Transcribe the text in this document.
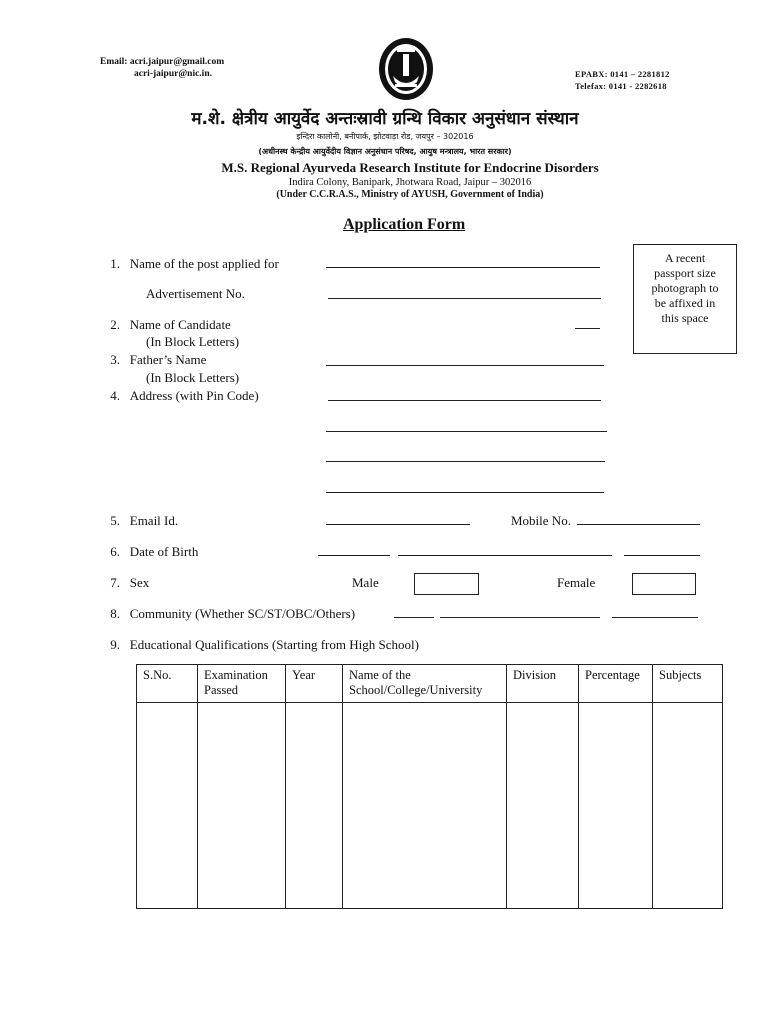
Email: acri.jaipur@gmail.com
acri-jaipur@nic.in.	EPABX: 0141 – 2281812
Telefax: 0141 - 2282618
म.शे. क्षेत्रीय आयुर्वेद अन्तःस्रावी ग्रन्थि विकार अनुसंधान संस्थान
इन्दिरा कालोनी, बनीपार्क, झोटवाड़ा रोड, जयपुर – 302016
(अधीनस्थ केन्द्रीय आयुर्वेदीय विज्ञान अनुसंधान परिषद, आयुष मन्त्रालय, भारत सरकार)
M.S. Regional Ayurveda Research Institute for Endocrine Disorders
Indira Colony, Banipark, Jhotwara Road, Jaipur – 302016
(Under C.C.R.A.S., Ministry of AYUSH, Government of India)
Application Form
A recent
passport size
photograph to
be affixed in
this space
1. Name of the post applied for
Advertisement No.
2. Name of Candidate
(In Block Letters)
3. Father’s Name
(In Block Letters)
4. Address (with Pin Code)
5. Email Id.	Mobile No.
6. Date of Birth
7. Sex	Male	Female
8. Community (Whether SC/ST/OBC/Others)
9. Educational Qualifications (Starting from High School)
S.No.	Examination Passed	Year	Name of the School/College/University	Division	Percentage	Subjects
